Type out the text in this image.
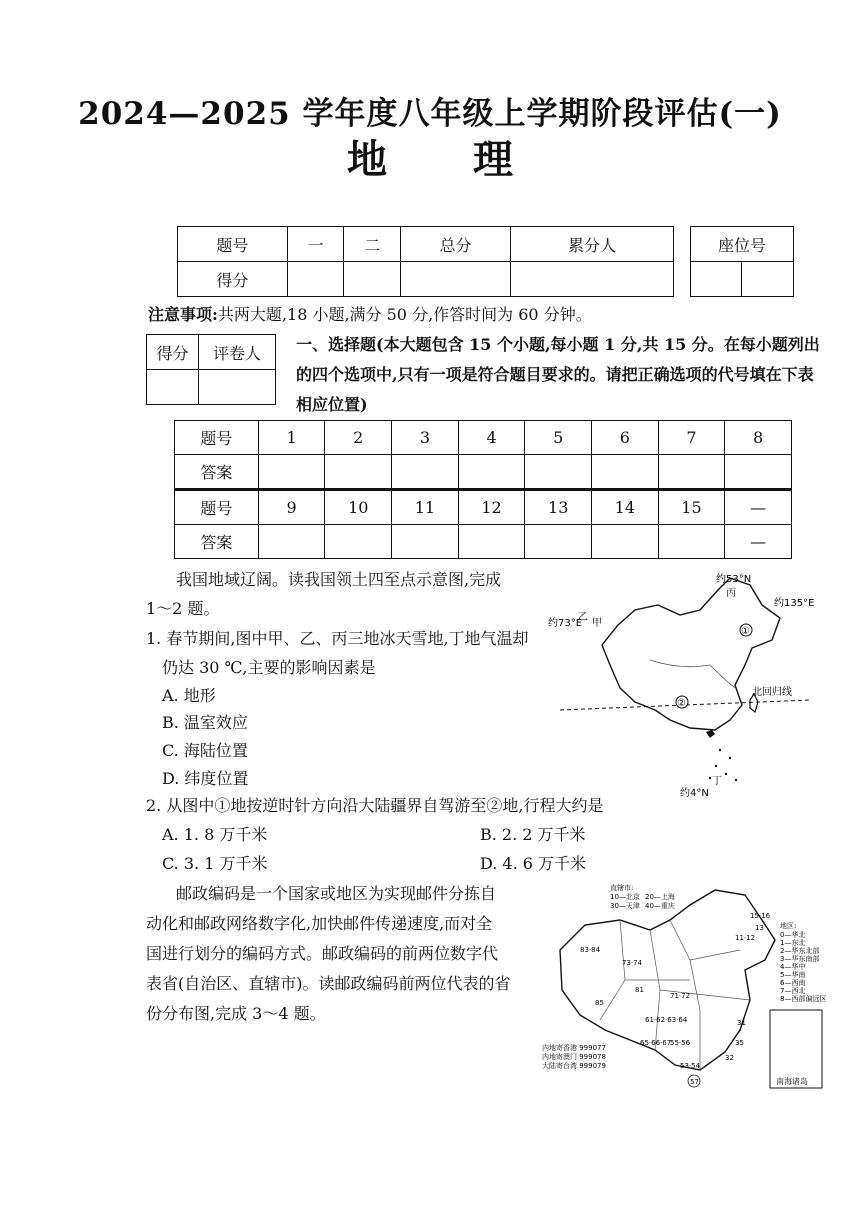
2024—2025 学年度八年级上学期阶段评估(一)
地 理
题号	一	二	总分	累分人
得分				
座位号

注意事项:共两大题,18 小题,满分 50 分,作答时间为 60 分钟。
得分	评卷人
	一、选择题(本大题包含 15 个小题,每小题 1 分,共 15 分。在每小题列出的四个选项中,只有一项是符合题目要求的。请把正确选项的代号填在下表相应位置)
题号	1	2	3	4	5	6	7	8
答案								
题号	9	10	11	12	13	14	15	—
答案								—
我国地域辽阔。读我国领土四至点示意图,完成
1～2 题。
1. 春节期间,图中甲、乙、丙三地冰天雪地,丁地气温却
仍达 30 ℃,主要的影响因素是
A. 地形
B. 温室效应
C. 海陆位置
D. 纬度位置
2. 从图中①地按逆时针方向沿大陆疆界自驾游至②地,行程大约是
A. 1. 8 万千米	B. 2. 2 万千米
C. 3. 1 万千米	D. 4. 6 万千米
①
②
约53°N
丙
约135°E
约73°E 甲
北回归线
丁
约4°N
乙
邮政编码是一个国家或地区为实现邮件分拣自
动化和邮政网络数字化,加快邮件传递速度,而对全
国进行划分的编码方式。邮政编码的前两位数字代
表省(自治区、直辖市)。读邮政编码前两位代表的省
份分布图,完成 3～4 题。
南海诸岛
直辖市:
10—北京 20—上海
30—天津 40—重庆
地区:
0—华北
1—东北
2—华东北部
3—华东南部
4—华中
5—华南
6—西南
7—西北
8—西部偏远区
内地寄香港 999077
内地寄澳门 999078
大陆寄台湾 999079
83·84
73·74
85
81
71·72
61·62·63·64
65·66·67
55·56
53·54
57
15·16
13
11·12
35
31
32
